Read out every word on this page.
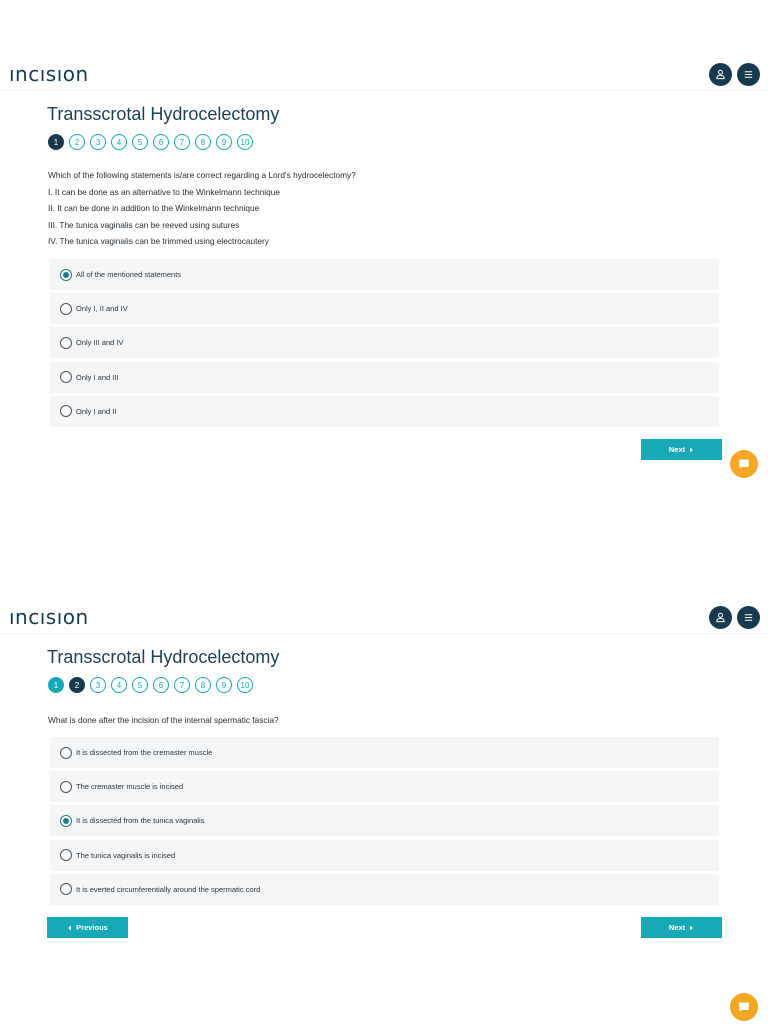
ıncısıon
Transscrotal Hydrocelectomy
1	2	3	4	5	6	7	8	9	10
Which of the following statements is/are correct regarding a Lord's hydrocelectomy?
I. It can be done as an alternative to the Winkelmann technique
II. It can be done in addition to the Winkelmann technique
III. The tunica vaginalis can be reeved using sutures
IV. The tunica vaginalis can be trimmed using electrocautery
All of the mentioned statements
Only I, II and IV
Only III and IV
Only I and III
Only I and II
Next
ıncısıon
Transscrotal Hydrocelectomy
1	2	3	4	5	6	7	8	9	10
What is done after the incision of the internal spermatic fascia?
It is dissected from the cremaster muscle
The cremaster muscle is incised
It is dissected from the tunica vaginalis
The tunica vaginalis is incised
It is everted circumferentially around the spermatic cord
Previous	Next
